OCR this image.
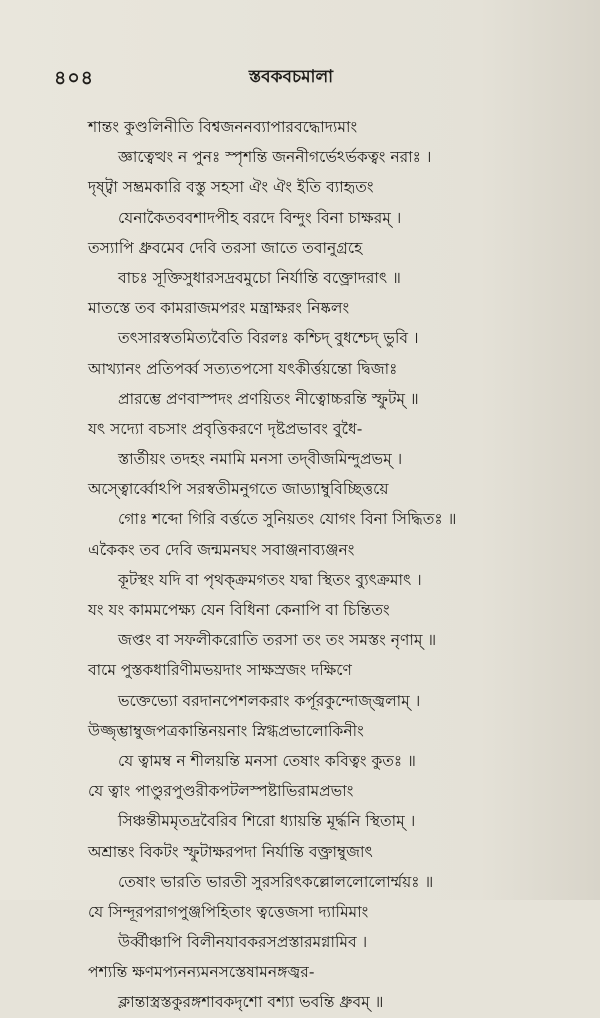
৪০৪	স্তবকবচমালা
শান্তং কুণ্ডলিনীতি বিশ্বজননব্যাপারবদ্ধোদ্যমাং
জ্ঞাত্বেত্থং ন পুনঃ স্পৃশন্তি জননীগর্ভেঽর্ভকত্বং নরাঃ ।
দৃষ্ট্বা সম্ভ্রমকারি বস্তু সহসা ঐং ঐং ইতি ব্যাহৃতং
যেনাকৈতববশাদপীহ বরদে বিন্দুং বিনা চাক্ষরম্ ।
তস্যাপি ধ্রুবমেব দেবি তরসা জাতে তবানুগ্রহে
বাচঃ সূক্তিসুধারসদ্রবমুচো নির্যান্তি বক্ত্রোদরাৎ ॥
মাতস্তে তব কামরাজমপরং মন্ত্রাক্ষরং নিষ্কলং
তৎসারস্বতমিত্যবৈতি বিরলঃ কশ্চিদ্ বুধশ্চেদ্ ভুবি ।
আখ্যানং প্রতিপর্ব্ব সত্যতপসো যৎকীর্ত্তয়ন্তো দ্বিজাঃ
প্রারম্ভে প্রণবাস্পদং প্রণয়িতং নীত্বোচ্চরন্তি স্ফুটম্ ॥
যৎ সদ্যো বচসাং প্রবৃত্তিকরণে দৃষ্টপ্রভাবং বুধৈ-
স্তার্তীয়ং তদহং নমামি মনসা তদ্‌বীজমিন্দুপ্রভম্ ।
অস্ত্বোর্ব্বোঽপি সরস্বতীমনুগতে জাড্যাম্বুবিচ্ছিত্তয়ে
গোঃ শব্দো গিরি বর্ত্ততে সুনিয়তং যোগং বিনা সিদ্ধিতঃ ॥
একৈকং তব দেবি জন্মমনঘং সবাঞ্জনাব্যঞ্জনং
কূটস্থং যদি বা পৃথক্ক্রমগতং যদ্বা স্থিতং ব্যুৎক্রমাৎ ।
যং যং কামমপেক্ষ্য যেন বিধিনা কেনাপি বা চিন্তিতং
জপ্তং বা সফলীকরোতি তরসা তং তং সমস্তং নৃণাম্ ॥
বামে পুস্তকধারিণীমভয়দাং সাক্ষস্রজং দক্ষিণে
ভক্তেভ্যো বরদানপেশলকরাং কর্পূরকুন্দোজ্জ্বলাম্ ।
উজ্জৃম্ভাম্বুজপত্রকান্তিনয়নাং স্নিগ্ধপ্রভালোকিনীং
যে ত্বামম্ব ন শীলয়ন্তি মনসা তেষাং কবিত্বং কুতঃ ॥
যে ত্বাং পাণ্ডুরপুণ্ডরীকপটলস্পষ্টাভিরামপ্রভাং
সিঞ্চন্তীমমৃতদ্রবৈরিব শিরো ধ্যায়ন্তি মূর্দ্ধনি স্থিতাম্ ।
অশ্রান্তং বিকটং স্ফুটাক্ষরপদা নির্যান্তি বক্ত্রাম্বুজাৎ
তেষাং ভারতি ভারতী সুরসরিৎকল্লোললোলোর্ম্ময়ঃ ॥
যে সিন্দূরপরাগপুঞ্জপিহিতাং ত্বত্তেজসা দ্যামিমাং
উর্ব্বীঞ্চাপি বিলীনযাবকরসপ্রস্তারমগ্নামিব ।
পশ্যন্তি ক্ষণমপ্যনন্যমনসস্তেষামনঙ্গজ্বর-
ক্লান্তাস্ত্রস্তকুরঙ্গশাবকদৃশো বশ্যা ভবন্তি ধ্রুবম্ ॥
